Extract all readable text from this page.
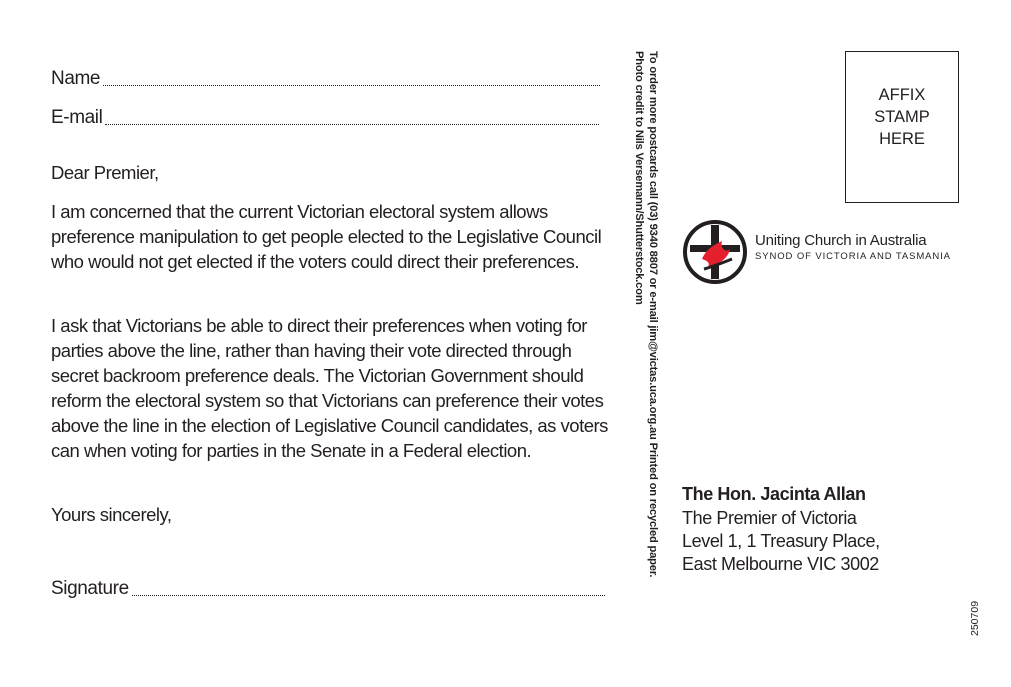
Name
E-mail
Dear Premier,
I am concerned that the current Victorian electoral system allows preference manipulation to get people elected to the Legislative Council who would not get elected if the voters could direct their preferences.
I ask that Victorians be able to direct their preferences when voting for parties above the line, rather than having their vote directed through secret backroom preference deals. The Victorian Government should reform the electoral system so that Victorians can preference their votes above the line in the election of Legislative Council candidates, as voters can when voting for parties in the Senate in a Federal election.
Yours sincerely,
Signature
To order more postcards call (03) 9340 8807 or e-mail jim@victas.uca.org.au Printed on recycled paper.
Photo credit to Nils Versemann/Shutterstock.com	AFFIX
STAMP
HERE
Uniting Church in Australia
SYNOD OF VICTORIA AND TASMANIA
The Hon. Jacinta Allan
The Premier of Victoria
Level 1, 1 Treasury Place,
East Melbourne VIC 3002
250709
